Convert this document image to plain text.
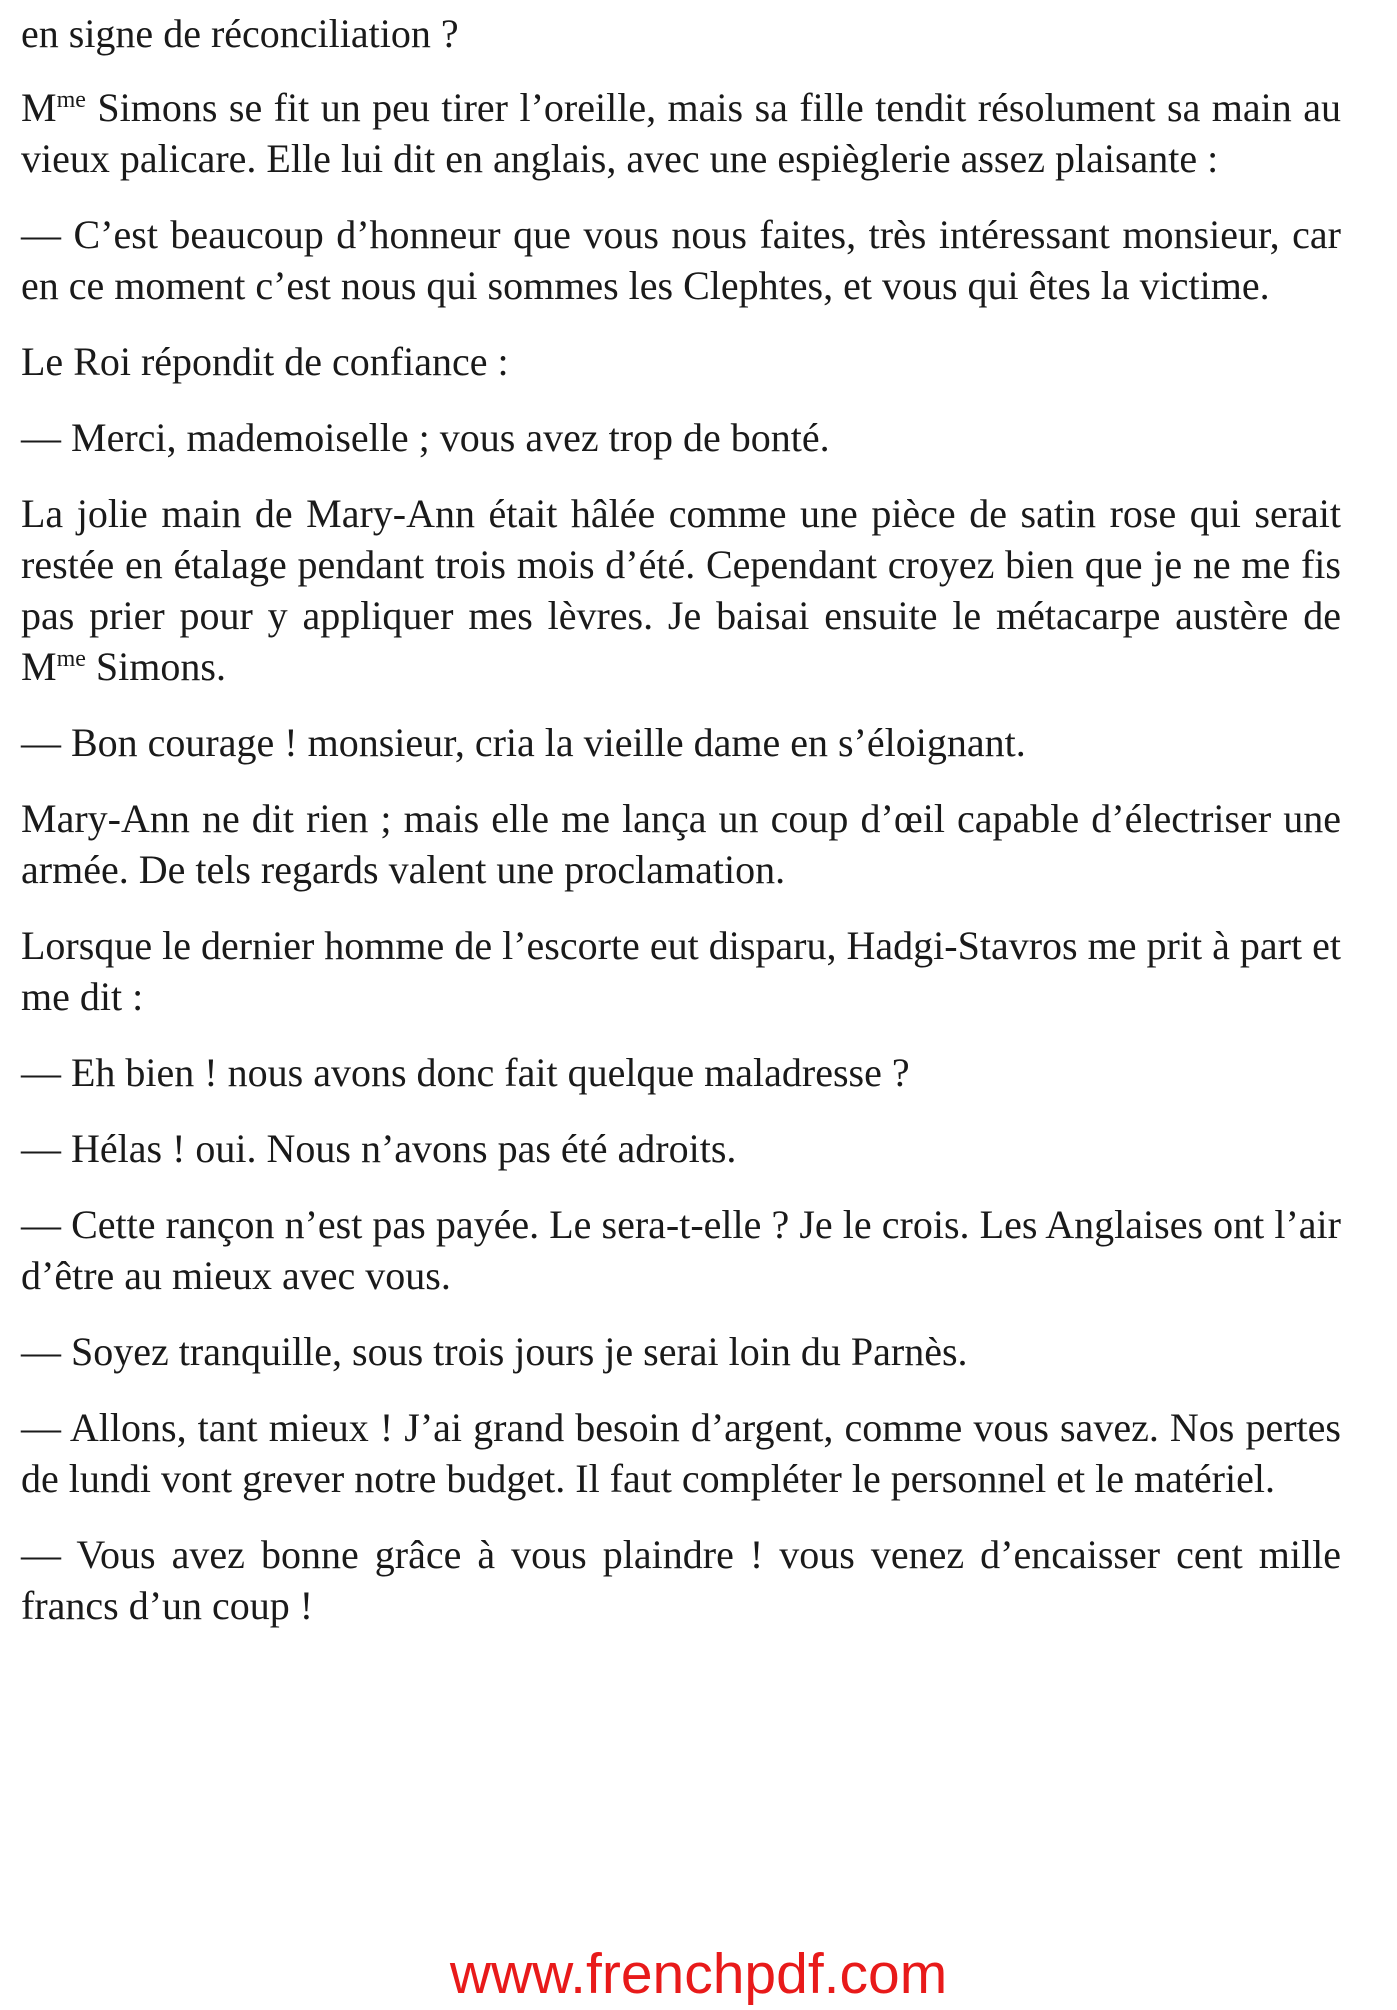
en signe de réconciliation ?

$M^{me}$ Simons se fit un peu tirer l’oreille, mais sa fille tendit résolument sa main au vieux palicare. Elle lui dit en anglais, avec une espièglerie assez plaisante :

— C’est beaucoup d’honneur que vous nous faites, très intéressant monsieur, car en ce moment c’est nous qui sommes les Clephtes, et vous qui êtes la victime.

Le Roi répondit de confiance :

— Merci, mademoiselle ; vous avez trop de bonté.

La jolie main de Mary-Ann était hâlée comme une pièce de satin rose qui serait restée en étalage pendant trois mois d’été. Cependant croyez bien que je ne me fis pas prier pour y appliquer mes lèvres. Je baisai ensuite le métacarpe austère de $M^{me}$ Simons.

— Bon courage ! monsieur, cria la vieille dame en s’éloignant.

Mary-Ann ne dit rien ; mais elle me lança un coup d’œil capable d’électriser une armée. De tels regards valent une proclamation.

Lorsque le dernier homme de l’escorte eut disparu, Hadgi-Stavros me prit à part et me dit :

— Eh bien ! nous avons donc fait quelque maladresse ?

— Hélas ! oui. Nous n’avons pas été adroits.

— Cette rançon n’est pas payée. Le sera-t-elle ? Je le crois. Les Anglaises ont l’air d’être au mieux avec vous.

— Soyez tranquille, sous trois jours je serai loin du Parnès.

— Allons, tant mieux ! J’ai grand besoin d’argent, comme vous savez. Nos pertes de lundi vont grever notre budget. Il faut compléter le personnel et le matériel.

— Vous avez bonne grâce à vous plaindre ! vous venez d’encaisser cent mille francs d’un coup !

www.frenchpdf.com
